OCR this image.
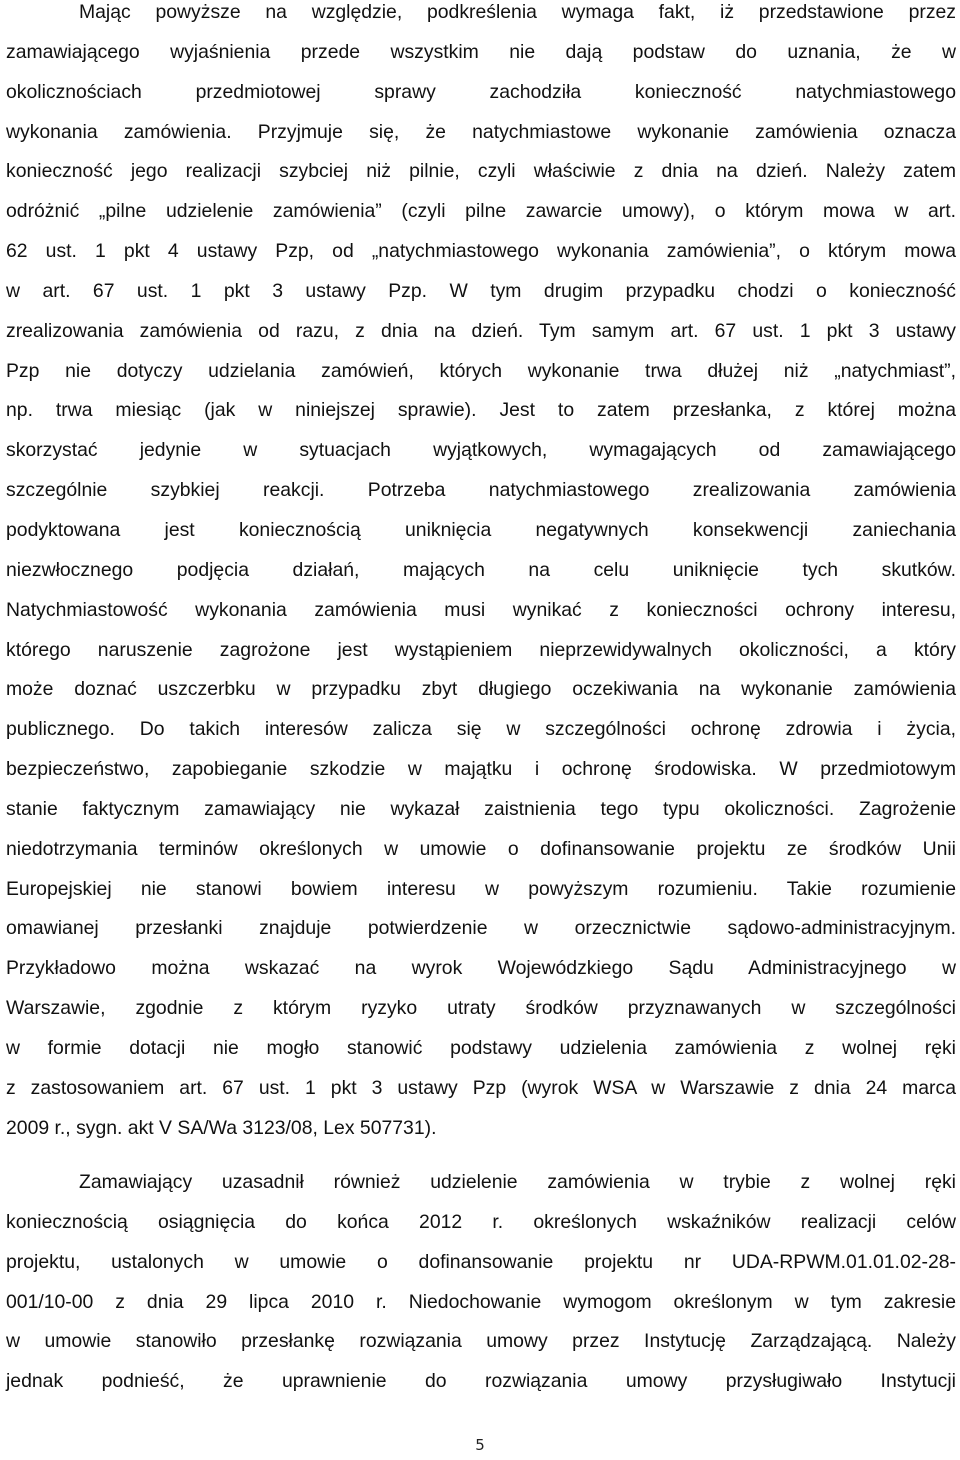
Mając powyższe na względzie, podkreślenia wymaga fakt, iż przedstawione przez
zamawiającego wyjaśnienia przede wszystkim nie dają podstaw do uznania, że w
okolicznościach przedmiotowej sprawy zachodziła konieczność natychmiastowego
wykonania zamówienia. Przyjmuje się, że natychmiastowe wykonanie zamówienia oznacza
konieczność jego realizacji szybciej niż pilnie, czyli właściwie z dnia na dzień. Należy zatem
odróżnić „pilne udzielenie zamówienia” (czyli pilne zawarcie umowy), o którym mowa w art.
62 ust. 1 pkt 4 ustawy Pzp, od „natychmiastowego wykonania zamówienia”, o którym mowa
w art. 67 ust. 1 pkt 3 ustawy Pzp. W tym drugim przypadku chodzi o konieczność
zrealizowania zamówienia od razu, z dnia na dzień. Tym samym art. 67 ust. 1 pkt 3 ustawy
Pzp nie dotyczy udzielania zamówień, których wykonanie trwa dłużej niż „natychmiast”,
np. trwa miesiąc (jak w niniejszej sprawie). Jest to zatem przesłanka, z której można
skorzystać jedynie w sytuacjach wyjątkowych, wymagających od zamawiającego
szczególnie szybkiej reakcji. Potrzeba natychmiastowego zrealizowania zamówienia
podyktowana jest koniecznością uniknięcia negatywnych konsekwencji zaniechania
niezwłocznego podjęcia działań, mających na celu uniknięcie tych skutków.
Natychmiastowość wykonania zamówienia musi wynikać z konieczności ochrony interesu,
którego naruszenie zagrożone jest wystąpieniem nieprzewidywalnych okoliczności, a który
może doznać uszczerbku w przypadku zbyt długiego oczekiwania na wykonanie zamówienia
publicznego. Do takich interesów zalicza się w szczególności ochronę zdrowia i życia,
bezpieczeństwo, zapobieganie szkodzie w majątku i ochronę środowiska. W przedmiotowym
stanie faktycznym zamawiający nie wykazał zaistnienia tego typu okoliczności. Zagrożenie
niedotrzymania terminów określonych w umowie o dofinansowanie projektu ze środków Unii
Europejskiej nie stanowi bowiem interesu w powyższym rozumieniu. Takie rozumienie
omawianej przesłanki znajduje potwierdzenie w orzecznictwie sądowo-administracyjnym.
Przykładowo można wskazać na wyrok Wojewódzkiego Sądu Administracyjnego w
Warszawie, zgodnie z którym ryzyko utraty środków przyznawanych w szczególności
w formie dotacji nie mogło stanowić podstawy udzielenia zamówienia z wolnej ręki
z zastosowaniem art. 67 ust. 1 pkt 3 ustawy Pzp (wyrok WSA w Warszawie z dnia 24 marca
2009 r., sygn. akt V SA/Wa 3123/08, Lex 507731).
Zamawiający uzasadnił również udzielenie zamówienia w trybie z wolnej ręki
koniecznością osiągnięcia do końca 2012 r. określonych wskaźników realizacji celów
projektu, ustalonych w umowie o dofinansowanie projektu nr UDA-RPWM.01.01.02-28-
001/10-00 z dnia 29 lipca 2010 r. Niedochowanie wymogom określonym w tym zakresie
w umowie stanowiło przesłankę rozwiązania umowy przez Instytucję Zarządzającą. Należy
jednak podnieść, że uprawnienie do rozwiązania umowy przysługiwało Instytucji
5
